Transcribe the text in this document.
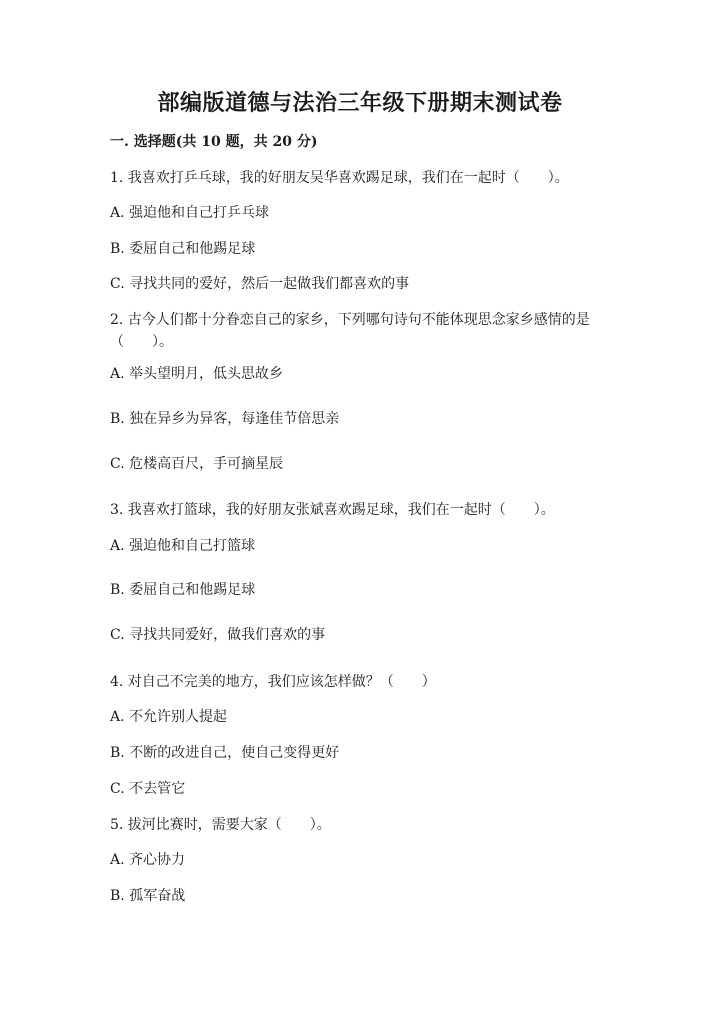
部编版道德与法治三年级下册期末测试卷
一. 选择题(共 10 题，共 20 分)
1. 我喜欢打乒乓球，我的好朋友吴华喜欢踢足球，我们在一起时（　　）。
A. 强迫他和自己打乒乓球
B. 委屈自己和他踢足球
C. 寻找共同的爱好，然后一起做我们都喜欢的事
2. 古今人们都十分眷恋自己的家乡，下列哪句诗句不能体现思念家乡感情的是（　　）。
A. 举头望明月，低头思故乡
B. 独在异乡为异客，每逢佳节倍思亲
C. 危楼高百尺，手可摘星辰
3. 我喜欢打篮球，我的好朋友张斌喜欢踢足球，我们在一起时（　　）。
A. 强迫他和自己打篮球
B. 委屈自己和他踢足球
C. 寻找共同爱好，做我们喜欢的事
4. 对自己不完美的地方，我们应该怎样做？（　　）
A. 不允许别人提起
B. 不断的改进自己，使自己变得更好
C. 不去管它
5. 拔河比赛时，需要大家（　　）。
A. 齐心协力
B. 孤军奋战
